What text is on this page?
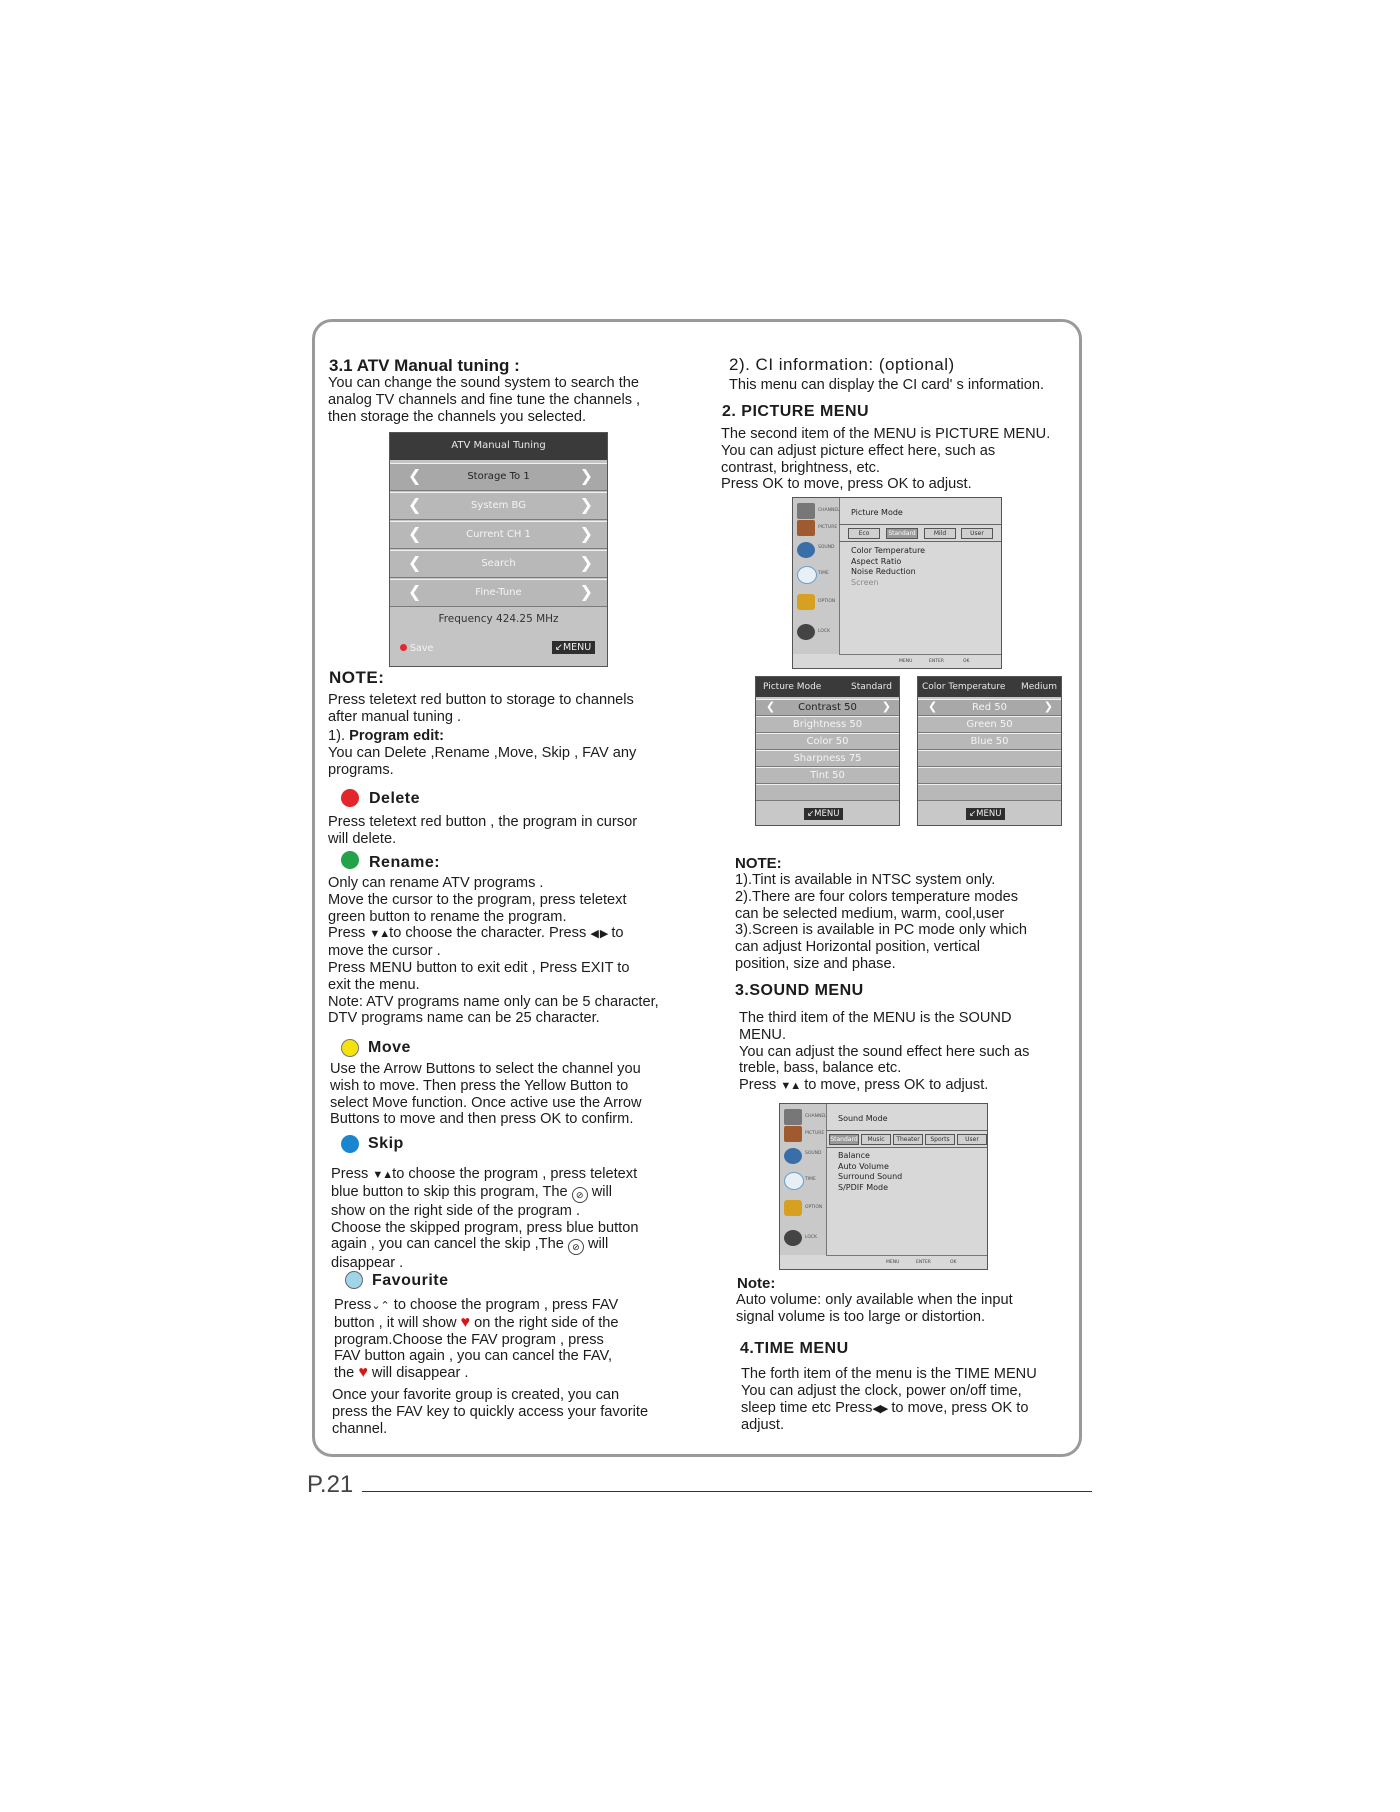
3.1 ATV Manual tuning :
You can change the sound system to search the
analog TV channels and fine tune the channels ,
then storage the channels you selected.
ATV Manual Tuning
❮	Storage To 1	❯
❮	System BG	❯
❮	Current CH 1	❯
❮	Search	❯
❮	Fine-Tune	❯
Frequency 424.25 MHz
Save	↙MENU
NOTE:
Press teletext red button to storage to channels
after manual tuning .
1). Program edit:
You can Delete ,Rename ,Move, Skip , FAV any
programs.
Delete
Press teletext red button , the program in cursor
will delete.
Rename:
Only can rename ATV programs .
Move the cursor to the program, press teletext
green button to rename the program.
Press ▼▲to choose the character. Press ◀ ▶ to
move the cursor .
Press MENU button to exit edit , Press EXIT to
exit the menu.
Note: ATV programs name only can be 5 character,
DTV programs name can be 25 character.
Move
Use the Arrow Buttons to select the channel you
wish to move. Then press the Yellow Button to
select Move function. Once active use the Arrow
Buttons to move and then press OK to confirm.
Skip
Press ▼▲to choose the program , press teletext
blue button to skip this program, The ⊘ will
show on the right side of the program .
Choose the skipped program, press blue button
again , you can cancel the skip ,The ⊘ will
disappear .
Favourite
Press⌄⌃ to choose the program , press FAV
button , it will show ♥ on the right side of the
program.Choose the FAV program , press
FAV button again , you can cancel the FAV,
the ♥ will disappear .
Once your favorite group is created, you can
press the FAV key to quickly access your favorite
channel.
2). CI information: (optional)
This menu can display the CI card' s information.
2. PICTURE MENU
The second item of the MENU is PICTURE MENU.
You can adjust picture effect here, such as
contrast, brightness, etc.
Press OK to move, press OK to adjust.
CHANNEL
PICTURE
SOUND
TIME
OPTION
LOCK
Picture Mode
Eco	Standard	Mild	User
Color Temperature
Aspect Ratio
Noise Reduction
Screen
MENU	ENTER	OK
Picture Mode	Standard
❮ Contrast 50 ❯
Brightness 50
Color 50
Sharpness 75
Tint 50
↙MENU
Color Temperature Medium
❮	Red 50	❯
Green 50
Blue 50
↙MENU
NOTE:
1).Tint is available in NTSC system only.
2).There are four colors temperature modes
can be selected medium, warm, cool,user
3).Screen is available in PC mode only which
can adjust Horizontal position, vertical
position, size and phase.
3.SOUND MENU
The third item of the MENU is the SOUND
MENU.
You can adjust the sound effect here such as
treble, bass, balance etc.
Press ▼▲ to move, press OK to adjust.
CHANNEL
PICTURE
SOUND
TIME
OPTION
LOCK
Sound Mode
Standard	Music	Theater	Sports	User
Balance
Auto Volume
Surround Sound
S/PDIF Mode
MENU	ENTER	OK
Note:
Auto volume: only available when the input
signal volume is too large or distortion.
4.TIME MENU
The forth item of the menu is the TIME MENU
You can adjust the clock, power on/off time,
sleep time etc Press◀▶ to move, press OK to
adjust.
P.21
